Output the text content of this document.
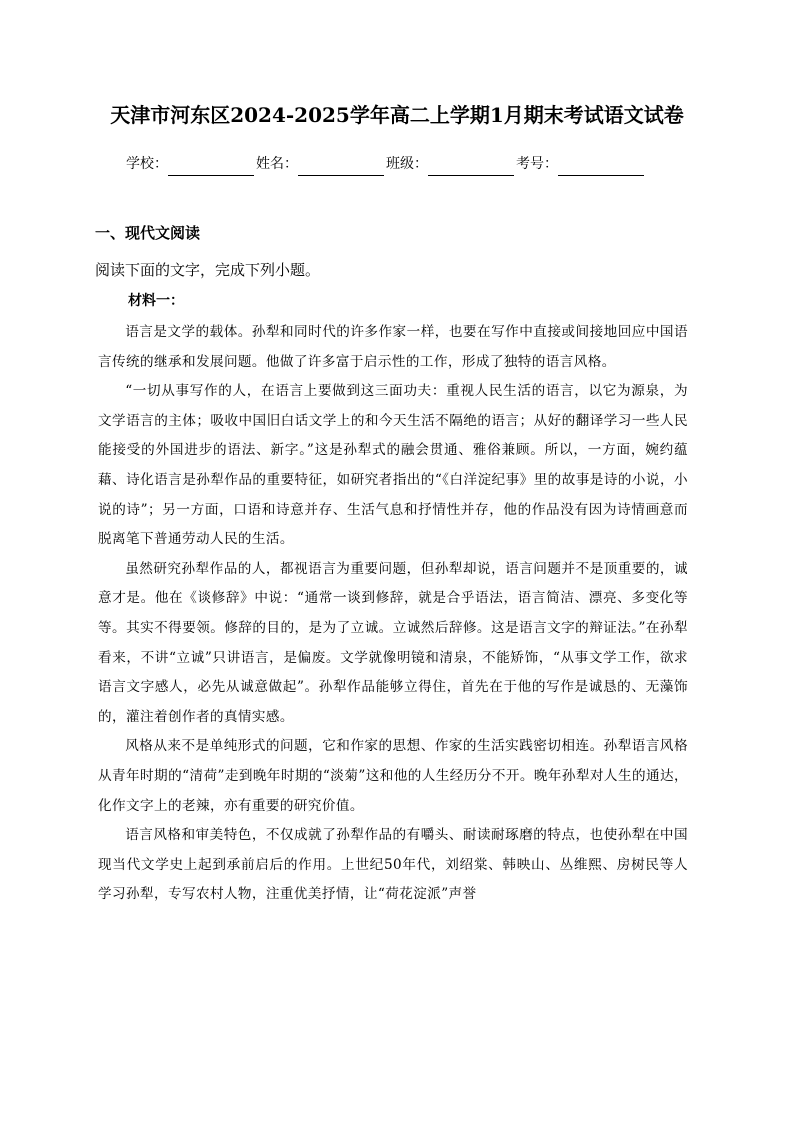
天津市河东区2024-2025学年高二上学期1月期末考试语文试卷
学校：	姓名：	班级：	考号：
一、现代文阅读
阅读下面的文字，完成下列小题。
材料一：

语言是文学的载体。孙犁和同时代的许多作家一样，也要在写作中直接或间接地回应中国语言传统的继承和发展问题。他做了许多富于启示性的工作，形成了独特的语言风格。

“一切从事写作的人，在语言上要做到这三面功夫：重视人民生活的语言，以它为源泉，为文学语言的主体；吸收中国旧白话文学上的和今天生活不隔绝的语言；从好的翻译学习一些人民能接受的外国进步的语法、新字。”这是孙犁式的融会贯通、雅俗兼顾。所以，一方面，婉约蕴藉、诗化语言是孙犁作品的重要特征，如研究者指出的“《白洋淀纪事》里的故事是诗的小说，小说的诗”；另一方面，口语和诗意并存、生活气息和抒情性并存，他的作品没有因为诗情画意而脱离笔下普通劳动人民的生活。

虽然研究孙犁作品的人，都视语言为重要问题，但孙犁却说，语言问题并不是顶重要的，诚意才是。他在《谈修辞》中说：“通常一谈到修辞，就是合乎语法，语言简洁、漂亮、多变化等等。其实不得要领。修辞的目的，是为了立诚。立诚然后辞修。这是语言文字的辩证法。”在孙犁看来，不讲“立诚”只讲语言，是偏废。文学就像明镜和清泉，不能矫饰，“从事文学工作，欲求语言文字感人，必先从诚意做起”。孙犁作品能够立得住，首先在于他的写作是诚恳的、无藻饰的，灌注着创作者的真情实感。

风格从来不是单纯形式的问题，它和作家的思想、作家的生活实践密切相连。孙犁语言风格从青年时期的“清荷”走到晚年时期的“淡菊”这和他的人生经历分不开。晚年孙犁对人生的通达，化作文字上的老辣，亦有重要的研究价值。

语言风格和审美特色，不仅成就了孙犁作品的有嚼头、耐读耐琢磨的特点，也使孙犁在中国现当代文学史上起到承前启后的作用。上世纪50年代，刘绍棠、韩映山、丛维熙、房树民等人学习孙犁，专写农村人物，注重优美抒情，让“荷花淀派”声誉
